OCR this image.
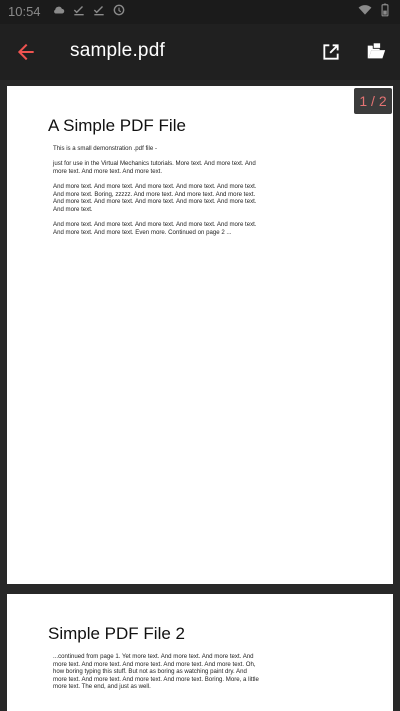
10:54
sample.pdf
A Simple PDF File
This is a small demonstration .pdf file -
just for use in the Virtual Mechanics tutorials. More text. And more text. And more text. And more text. And more text.
And more text. And more text. And more text. And more text. And more text. And more text. Boring, zzzzz. And more text. And more text. And more text. And more text. And more text. And more text. And more text. And more text. And more text.
And more text. And more text. And more text. And more text. And more text. And more text. And more text. Even more. Continued on page 2 ...
Simple PDF File 2
...continued from page 1. Yet more text. And more text. And more text. And more text. And more text. And more text. And more text. And more text. Oh, how boring typing this stuff. But not as boring as watching paint dry. And more text. And more text. And more text. And more text. Boring. More, a little more text. The end, and just as well.
1 / 2
